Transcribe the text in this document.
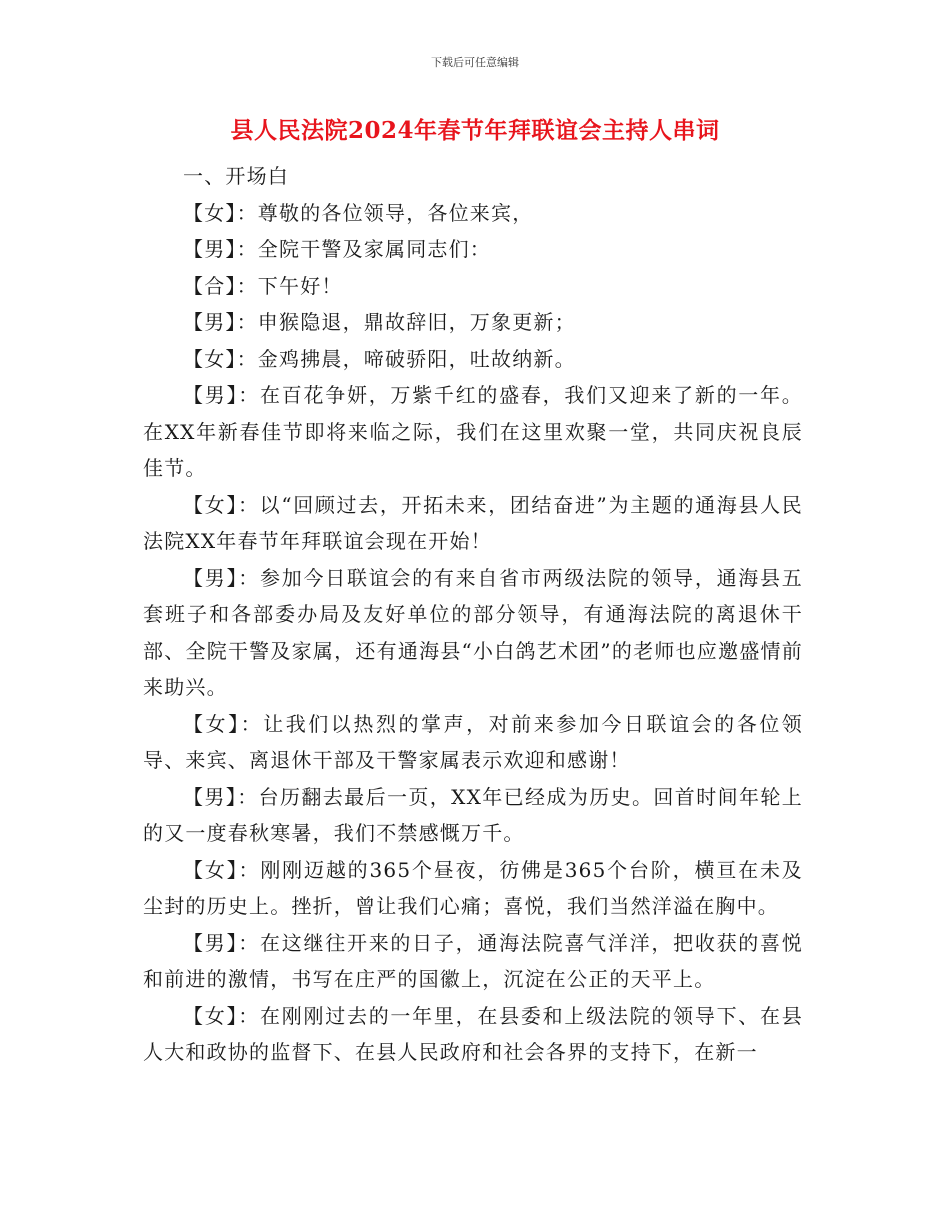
下载后可任意编辑
县人民法院2024年春节年拜联谊会主持人串词

一、开场白

【女】：尊敬的各位领导，各位来宾，

【男】：全院干警及家属同志们：

【合】：下午好！

【男】：申猴隐退，鼎故辞旧，万象更新；

【女】：金鸡拂晨，啼破骄阳，吐故纳新。

【男】：在百花争妍，万紫千红的盛春，我们又迎来了新的一年。在XX年新春佳节即将来临之际，我们在这里欢聚一堂，共同庆祝良辰佳节。

【女】：以“回顾过去，开拓未来，团结奋进”为主题的通海县人民法院XX年春节年拜联谊会现在开始！

【男】：参加今日联谊会的有来自省市两级法院的领导，通海县五套班子和各部委办局及友好单位的部分领导，有通海法院的离退休干部、全院干警及家属，还有通海县“小白鸽艺术团”的老师也应邀盛情前来助兴。

【女】：让我们以热烈的掌声，对前来参加今日联谊会的各位领导、来宾、离退休干部及干警家属表示欢迎和感谢！

【男】：台历翻去最后一页，XX年已经成为历史。回首时间年轮上的又一度春秋寒暑，我们不禁感慨万千。

【女】：刚刚迈越的365个昼夜，彷佛是365个台阶，横亘在未及尘封的历史上。挫折，曾让我们心痛；喜悦，我们当然洋溢在胸中。

【男】：在这继往开来的日子，通海法院喜气洋洋，把收获的喜悦和前进的激情，书写在庄严的国徽上，沉淀在公正的天平上。

【女】：在刚刚过去的一年里，在县委和上级法院的领导下、在县人大和政协的监督下、在县人民政府和社会各界的支持下，在新一
